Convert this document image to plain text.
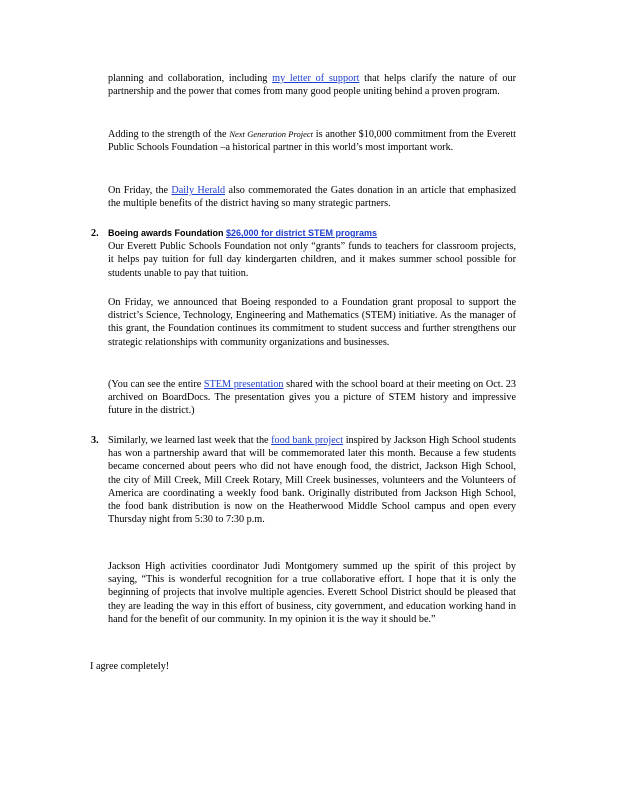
planning and collaboration, including my letter of support that helps clarify the nature of our partnership and the power that comes from many good people uniting behind a proven program.

Adding to the strength of the Next Generation Project is another $10,000 commitment from the Everett Public Schools Foundation –a historical partner in this world’s most important work.

On Friday, the Daily Herald also commemorated the Gates donation in an article that emphasized the multiple benefits of the district having so many strategic partners.

2. Boeing awards Foundation $26,000 for district STEM programs
Our Everett Public Schools Foundation not only “grants” funds to teachers for classroom projects, it helps pay tuition for full day kindergarten children, and it makes summer school possible for students unable to pay that tuition.

On Friday, we announced that Boeing responded to a Foundation grant proposal to support the district’s Science, Technology, Engineering and Mathematics (STEM) initiative. As the manager of this grant, the Foundation continues its commitment to student success and further strengthens our strategic relationships with community organizations and businesses.

(You can see the entire STEM presentation shared with the school board at their meeting on Oct. 23 archived on BoardDocs. The presentation gives you a picture of STEM history and impressive future in the district.)

3. Similarly, we learned last week that the food bank project inspired by Jackson High School students has won a partnership award that will be commemorated later this month. Because a few students became concerned about peers who did not have enough food, the district, Jackson High School, the city of Mill Creek, Mill Creek Rotary, Mill Creek businesses, volunteers and the Volunteers of America are coordinating a weekly food bank. Originally distributed from Jackson High School, the food bank distribution is now on the Heatherwood Middle School campus and open every Thursday night from 5:30 to 7:30 p.m.

Jackson High activities coordinator Judi Montgomery summed up the spirit of this project by saying, “This is wonderful recognition for a true collaborative effort. I hope that it is only the beginning of projects that involve multiple agencies. Everett School District should be pleased that they are leading the way in this effort of business, city government, and education working hand in hand for the benefit of our community. In my opinion it is the way it should be.”

I agree completely!
